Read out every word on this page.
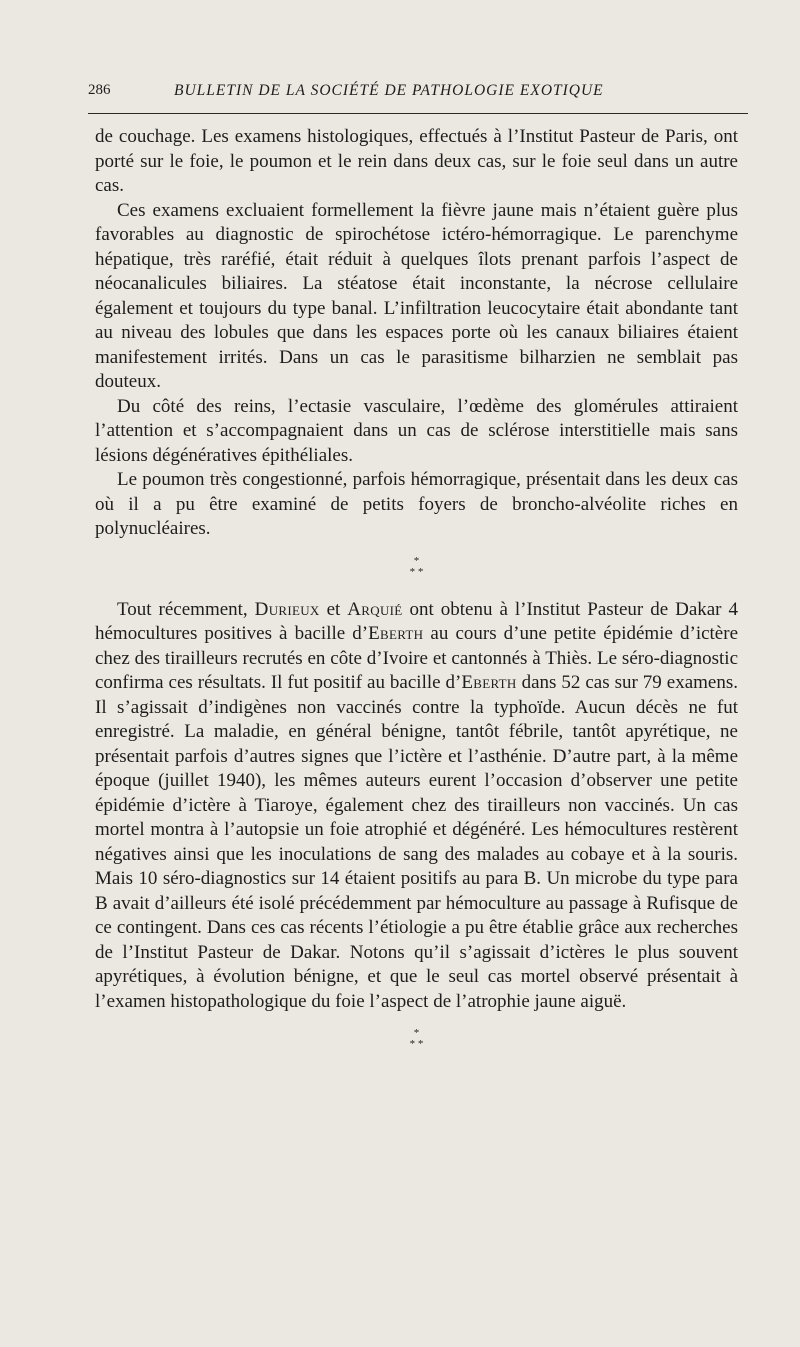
286	BULLETIN DE LA SOCIÉTÉ DE PATHOLOGIE EXOTIQUE

de couchage. Les examens histologiques, effectués à l’Institut Pasteur de Paris, ont porté sur le foie, le poumon et le rein dans deux cas, sur le foie seul dans un autre cas.

Ces examens excluaient formellement la fièvre jaune mais n’étaient guère plus favorables au diagnostic de spirochétose ictéro-hémorragique. Le parenchyme hépatique, très raréfié, était réduit à quelques îlots prenant parfois l’aspect de néocanalicules biliaires. La stéatose était inconstante, la nécrose cellulaire également et toujours du type banal. L’infiltration leucocytaire était abondante tant au niveau des lobules que dans les espaces porte où les canaux biliaires étaient manifestement irrités. Dans un cas le parasitisme bilharzien ne semblait pas douteux.

Du côté des reins, l’ectasie vasculaire, l’œdème des glomérules attiraient l’attention et s’accompagnaient dans un cas de sclérose interstitielle mais sans lésions dégénératives épithéliales.

Le poumon très congestionné, parfois hémorragique, présentait dans les deux cas où il a pu être examiné de petits foyers de broncho-alvéolite riches en polynucléaires.

*
* *

Tout récemment, Durieux et Arquié ont obtenu à l’Institut Pasteur de Dakar 4 hémocultures positives à bacille d’Eberth au cours d’une petite épidémie d’ictère chez des tirailleurs recrutés en côte d’Ivoire et cantonnés à Thiès. Le séro-diagnostic confirma ces résultats. Il fut positif au bacille d’Eberth dans 52 cas sur 79 examens. Il s’agissait d’indigènes non vaccinés contre la typhoïde. Aucun décès ne fut enregistré. La maladie, en général bénigne, tantôt fébrile, tantôt apyrétique, ne présentait parfois d’autres signes que l’ictère et l’asthénie. D’autre part, à la même époque (juillet 1940), les mêmes auteurs eurent l’occasion d’observer une petite épidémie d’ictère à Tiaroye, également chez des tirailleurs non vaccinés. Un cas mortel montra à l’autopsie un foie atrophié et dégénéré. Les hémocultures restèrent négatives ainsi que les inoculations de sang des malades au cobaye et à la souris. Mais 10 séro-diagnostics sur 14 étaient positifs au para B. Un microbe du type para B avait d’ailleurs été isolé précédemment par hémoculture au passage à Rufisque de ce contingent. Dans ces cas récents l’étiologie a pu être établie grâce aux recherches de l’Institut Pasteur de Dakar. Notons qu’il s’agissait d’ictères le plus souvent apyrétiques, à évolution bénigne, et que le seul cas mortel observé présentait à l’examen histopathologique du foie l’aspect de l’atrophie jaune aiguë.

*
* *
